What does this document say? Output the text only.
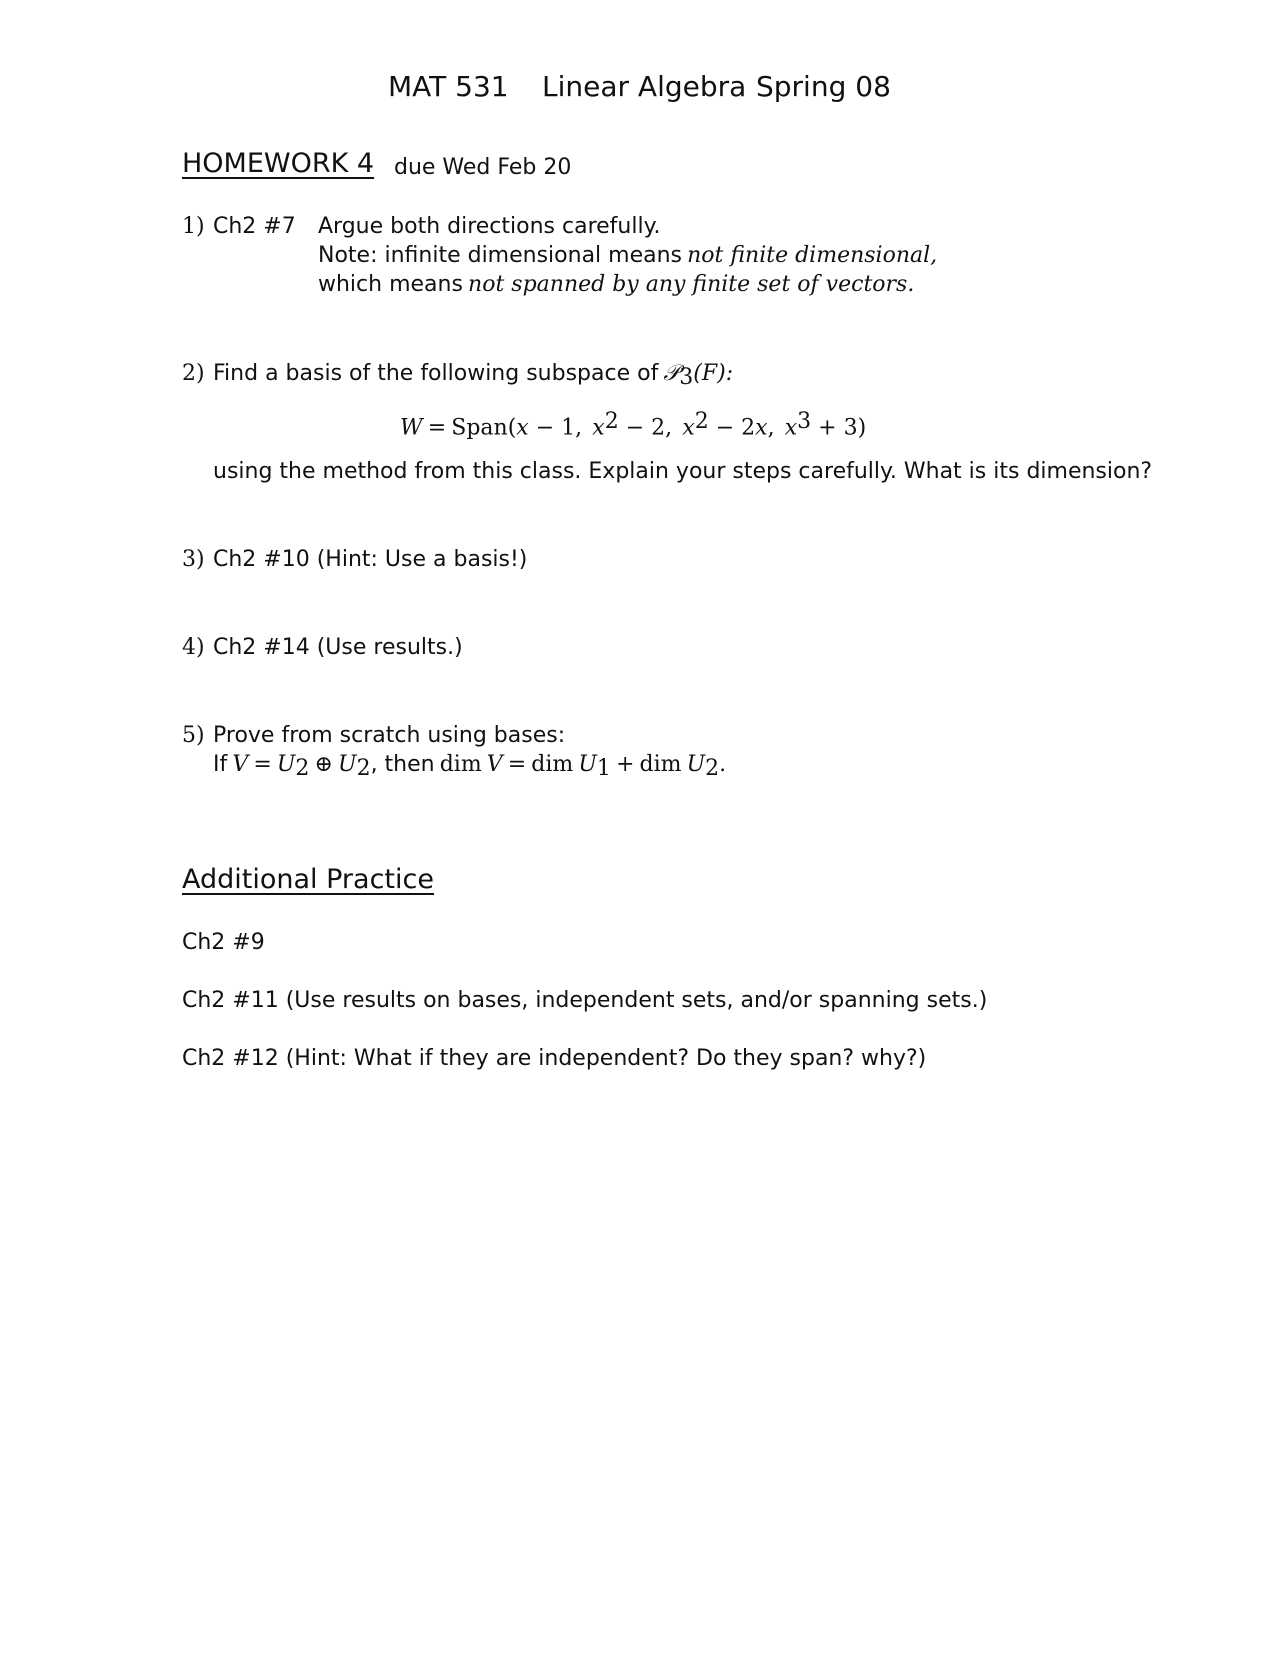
MAT 531 Linear Algebra Spring 08
HOMEWORK 4 due Wed Feb 20
1) Ch2 #7 Argue both directions carefully.
Note: infinite dimensional means not finite dimensional,
which means not spanned by any finite set of vectors.
2) Find a basis of the following subspace of 𝒫$_3$(F):
W = Span(x − 1, $x^2 - 2$, $x^2 - 2x$, $x^3 + 3$)
using the method from this class. Explain your steps carefully. What is its dimension?
3) Ch2 #10 (Hint: Use a basis!)
4) Ch2 #14 (Use results.)
5) Prove from scratch using bases:
If $V = U_2$ ⊕ $U_2$, then dim V = dim $U_1$ + dim $U_2$.
Additional Practice
Ch2 #9
Ch2 #11 (Use results on bases, independent sets, and/or spanning sets.)
Ch2 #12 (Hint: What if they are independent? Do they span? why?)
